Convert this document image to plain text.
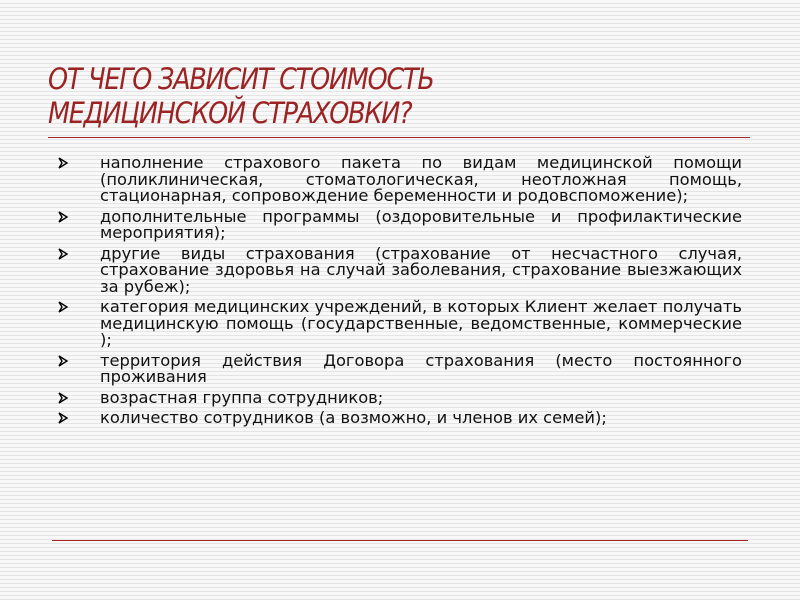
ОТ ЧЕГО ЗАВИСИТ СТОИМОСТЬ
МЕДИЦИНСКОЙ СТРАХОВКИ?
наполнение страхового пакета по видам медицинской помощи (поликлиническая, стоматологическая, неотложная помощь, стационарная, сопровождение беременности и родовспоможение);
дополнительные программы (оздоровительные и профилактические мероприятия);
другие виды страхования (страхование от несчастного случая, страхование здоровья на случай заболевания, страхование выезжающих за рубеж);
категория медицинских учреждений, в которых Клиент желает получать медицинскую помощь (государственные, ведомственные, коммерческие );
территория действия Договора страхования (место постоянного проживания
возрастная группа сотрудников;
количество сотрудников (а возможно, и членов их семей);
